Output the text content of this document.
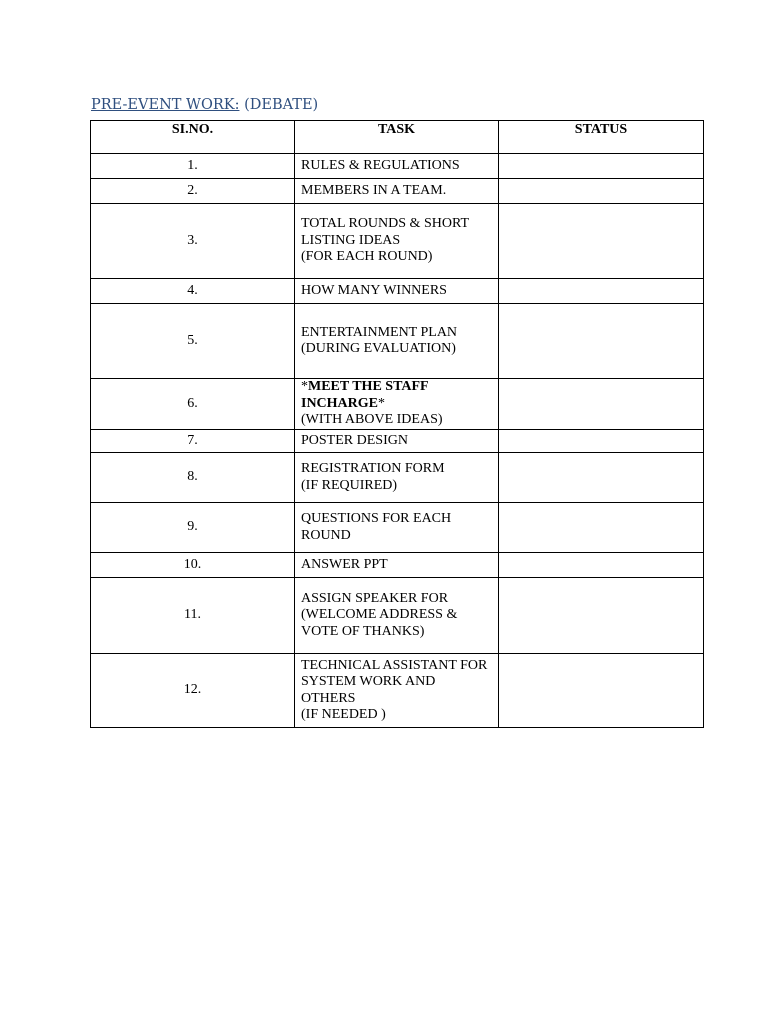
PRE-EVENT WORK: (DEBATE)
SI.NO.	TASK	STATUS
1.	RULES & REGULATIONS	

2.	MEMBERS IN A TEAM.	

3.	TOTAL ROUNDS & SHORT
LISTING IDEAS
(FOR EACH ROUND)	

4.	HOW MANY WINNERS	

5.	ENTERTAINMENT PLAN
(DURING EVALUATION)	

6.	*MEET THE STAFF
INCHARGE*
(WITH ABOVE IDEAS)	

7.	POSTER DESIGN	

8.	REGISTRATION FORM
(IF REQUIRED)	

9.	QUESTIONS FOR EACH
ROUND	

10.	ANSWER PPT	

11.	ASSIGN SPEAKER FOR
(WELCOME ADDRESS &
VOTE OF THANKS)	

12.	TECHNICAL ASSISTANT FOR
SYSTEM WORK AND
OTHERS
(IF NEEDED )	
